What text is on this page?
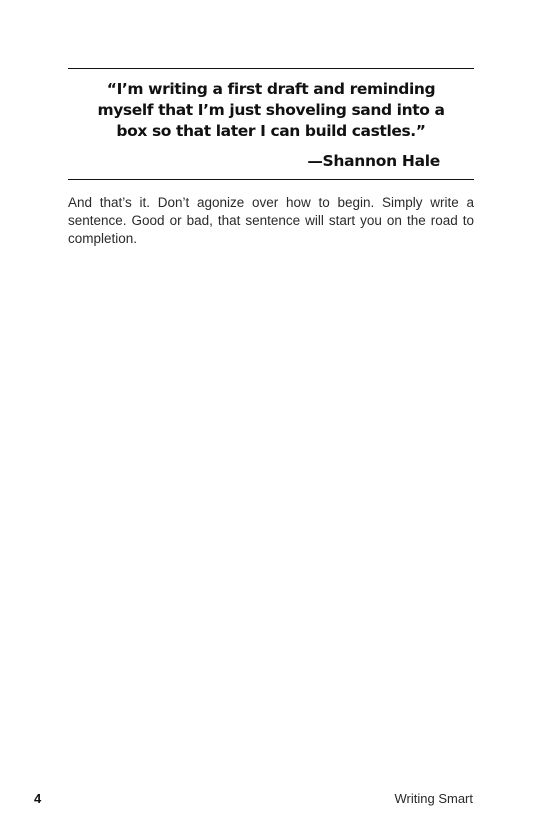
“I’m writing a first draft and reminding myself that I’m just shoveling sand into a box so that later I can build castles.”

—Shannon Hale

And that’s it. Don’t agonize over how to begin. Simply write a sentence. Good or bad, that sentence will start you on the road to completion.

4	Writing Smart
